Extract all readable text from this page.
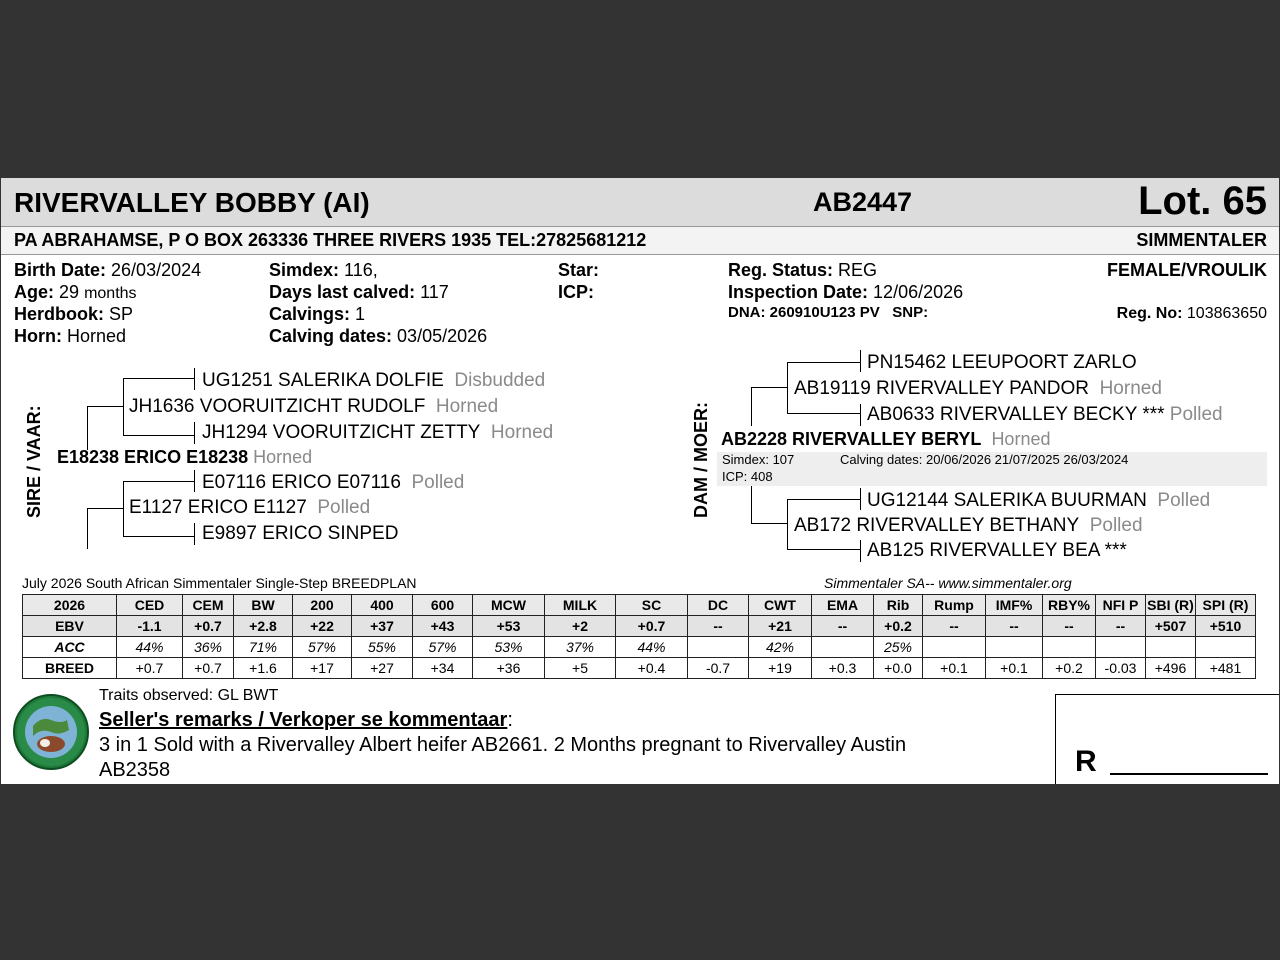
RIVERVALLEY BOBBY (AI)	AB2447	Lot. 65
PA ABRAHAMSE, P O BOX 263336 THREE RIVERS 1935 TEL:27825681212	SIMMENTALER
Birth Date: 26/03/2024
Age: 29 months
Herdbook: SP
Horn: Horned
Simdex: 116,
Days last calved: 117
Calvings: 1
Calving dates: 03/05/2026
Star:
ICP:
Reg. Status: REG
Inspection Date: 12/06/2026
DNA: 260910U123 PV SNP:
FEMALE/VROULIK
Reg. No: 103863650
SIRE / VAAR:
UG1251 SALERIKA DOLFIE Disbudded
JH1636 VOORUITZICHT RUDOLF Horned
JH1294 VOORUITZICHT ZETTY Horned
E18238 ERICO E18238 Horned
E07116 ERICO E07116 Polled
E1127 ERICO E1127 Polled
E9897 ERICO SINPED
DAM / MOER:
PN15462 LEEUPOORT ZARLO
AB19119 RIVERVALLEY PANDOR Horned
AB0633 RIVERVALLEY BECKY *** Polled
AB2228 RIVERVALLEY BERYL Horned
Simdex: 107	Calving dates: 20/06/2026 21/07/2025 26/03/2024
ICP: 408
UG12144 SALERIKA BUURMAN Polled
AB172 RIVERVALLEY BETHANY Polled
AB125 RIVERVALLEY BEA ***
July 2026 South African Simmentaler Single-Step BREEDPLAN	Simmentaler SA-- www.simmentaler.org
2026	CED	CEM	BW	200	400	600	MCW	MILK	SC	DC	CWT	EMA	Rib	Rump	IMF%	RBY%	NFI P	SBI (R)	SPI (R)
EBV	-1.1	+0.7	+2.8	+22	+37	+43	+53	+2	+0.7	--	+21	--	+0.2	--	--	--	--	+507	+510
ACC	44%	36%	71%	57%	55%	57%	53%	37%	44%		42%		25%						
BREED	+0.7	+0.7	+1.6	+17	+27	+34	+36	+5	+0.4	-0.7	+19	+0.3	+0.0	+0.1	+0.1	+0.2	-0.03	+496	+481
Traits observed: GL BWT
Seller's remarks / Verkoper se kommentaar:
3 in 1 Sold with a Rivervalley Albert heifer AB2661. 2 Months pregnant to Rivervalley Austin
AB2358	R
